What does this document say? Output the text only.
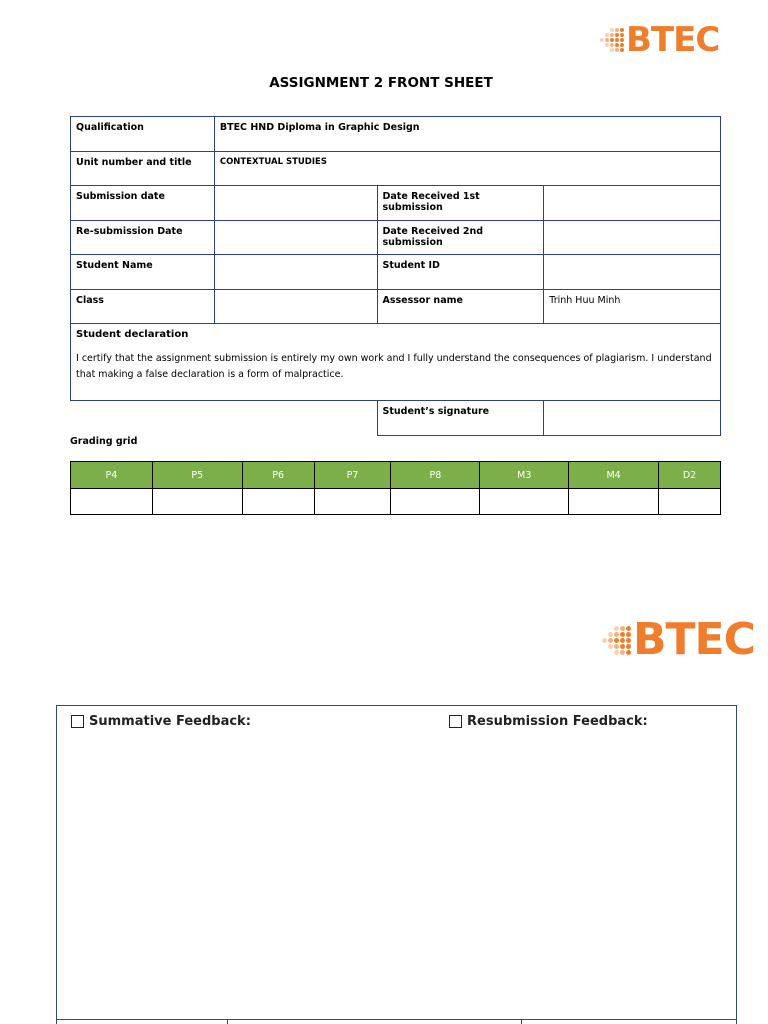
BTEC
ASSIGNMENT 2 FRONT SHEET
Qualification	BTEC HND Diploma in Graphic Design		
Unit number and title	CONTEXTUAL STUDIES		
Submission date		Date Received 1st submission	
Re-submission Date		Date Received 2nd submission	
Student Name		Student ID	
Class		Assessor name	Trinh Huu Minh

Student declaration
I certify that the assignment submission is entirely my own work and I fully understand the consequences of plagiarism. I understand that making a false declaration is a form of malpractice.			

		Student’s signature	
Grading grid
P4	P5	P6	P7	P8	M3	M4	D2

BTEC
Summative Feedback:	Resubmission Feedback:
